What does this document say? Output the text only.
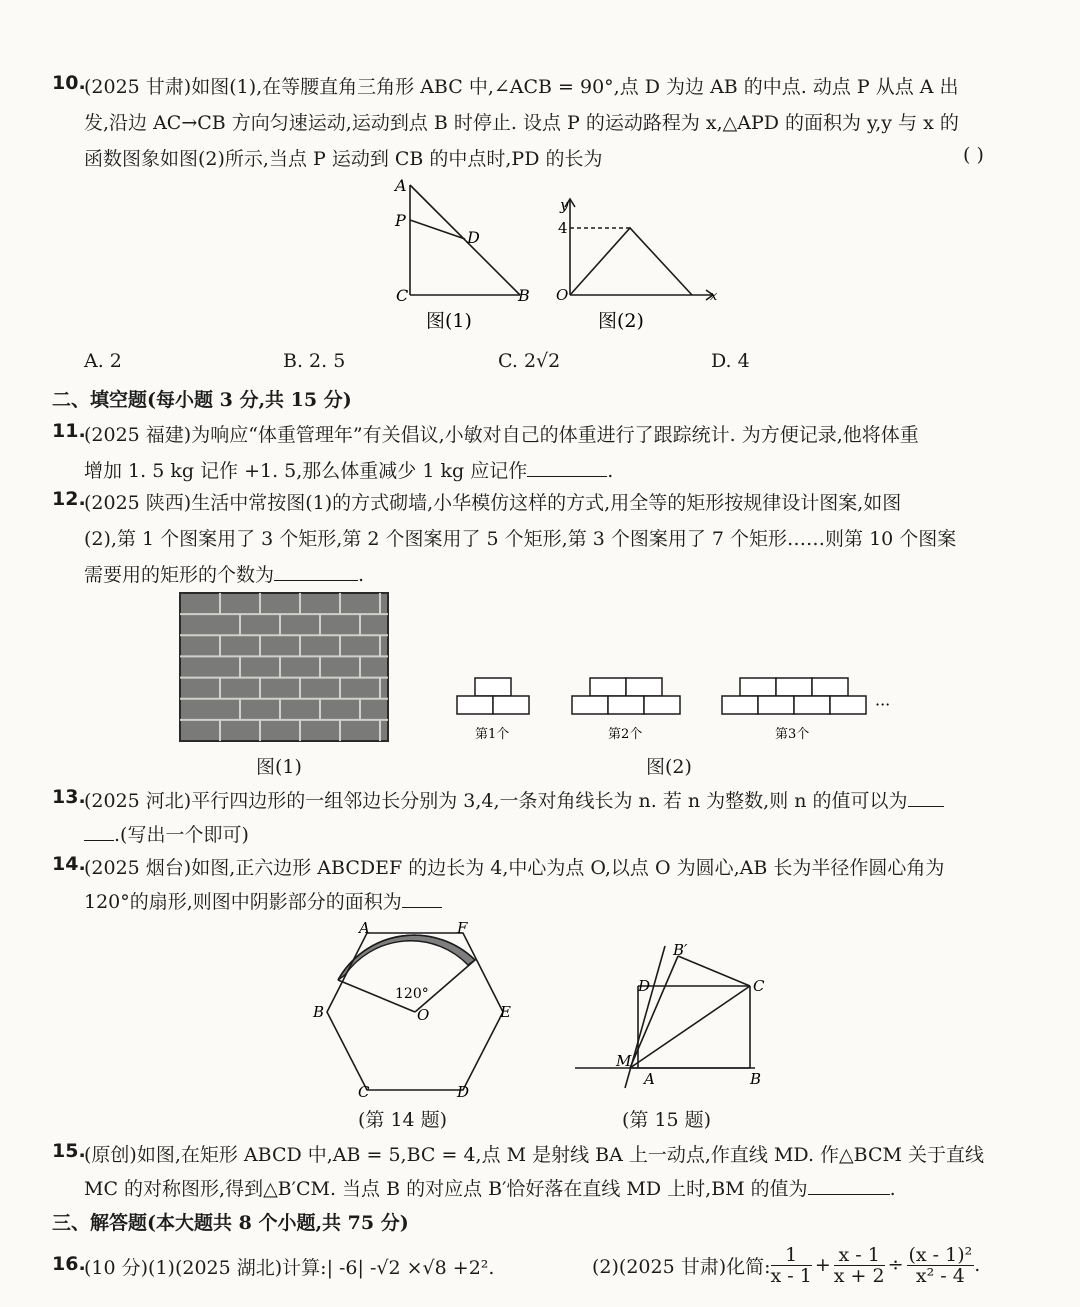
10.
(2025 甘肃)如图(1),在等腰直角三角形 ABC 中,∠ACB = 90°,点 D 为边 AB 的中点. 动点 P 从点 A 出
发,沿边 AC→CB 方向匀速运动,运动到点 B 时停止. 设点 P 的运动路程为 x,△APD 的面积为 y,y 与 x 的
函数图象如图(2)所示,当点 P 运动到 CB 的中点时,PD 的长为	( )
A
P
D
C	B
图(1)
y
4
O	x
图(2)
A. 2	B. 2. 5	C. 2√2	D. 4
二、填空题(每小题 3 分,共 15 分)
11.
(2025 福建)为响应“体重管理年”有关倡议,小敏对自己的体重进行了跟踪统计. 为方便记录,他将体重
增加 1. 5 kg 记作 +1. 5,那么体重减少 1 kg 应记作	.
12.
(2025 陕西)生活中常按图(1)的方式砌墙,小华模仿这样的方式,用全等的矩形按规律设计图案,如图
(2),第 1 个图案用了 3 个矩形,第 2 个图案用了 5 个矩形,第 3 个图案用了 7 个矩形……则第 10 个图案
需要用的矩形的个数为	.
···
第1个	第2个	第3个
图(1)	图(2)
13.
(2025 河北)平行四边形的一组邻边长分别为 3,4,一条对角线长为 n. 若 n 为整数,则 n 的值可以为
.(写出一个即可)
14.
(2025 烟台)如图,正六边形 ABCDEF 的边长为 4,中心为点 O,以点 O 为圆心,AB 长为半径作圆心角为
120°的扇形,则图中阴影部分的面积为
120°
A	F
B	E
O
C	D
(第 14 题)
B′
D	C
M
A	B
(第 15 题)
15.
(原创)如图,在矩形 ABCD 中,AB = 5,BC = 4,点 M 是射线 BA 上一动点,作直线 MD. 作△BCM 关于直线
MC 的对称图形,得到△B′CM. 当点 B 的对应点 B′恰好落在直线 MD 上时,BM 的值为	.
三、解答题(本大题共 8 个小题,共 75 分)
16.
(10 分)(1)(2025 湖北)计算:| -6| -√2 ×√8 +2².	(2)(2025 甘肃)化简: $\frac{1}{x - 1} + \frac{x - 1}{x + 2} \div \frac{\text{(x - 1)²}}{\text{x² - 4}}$ .
